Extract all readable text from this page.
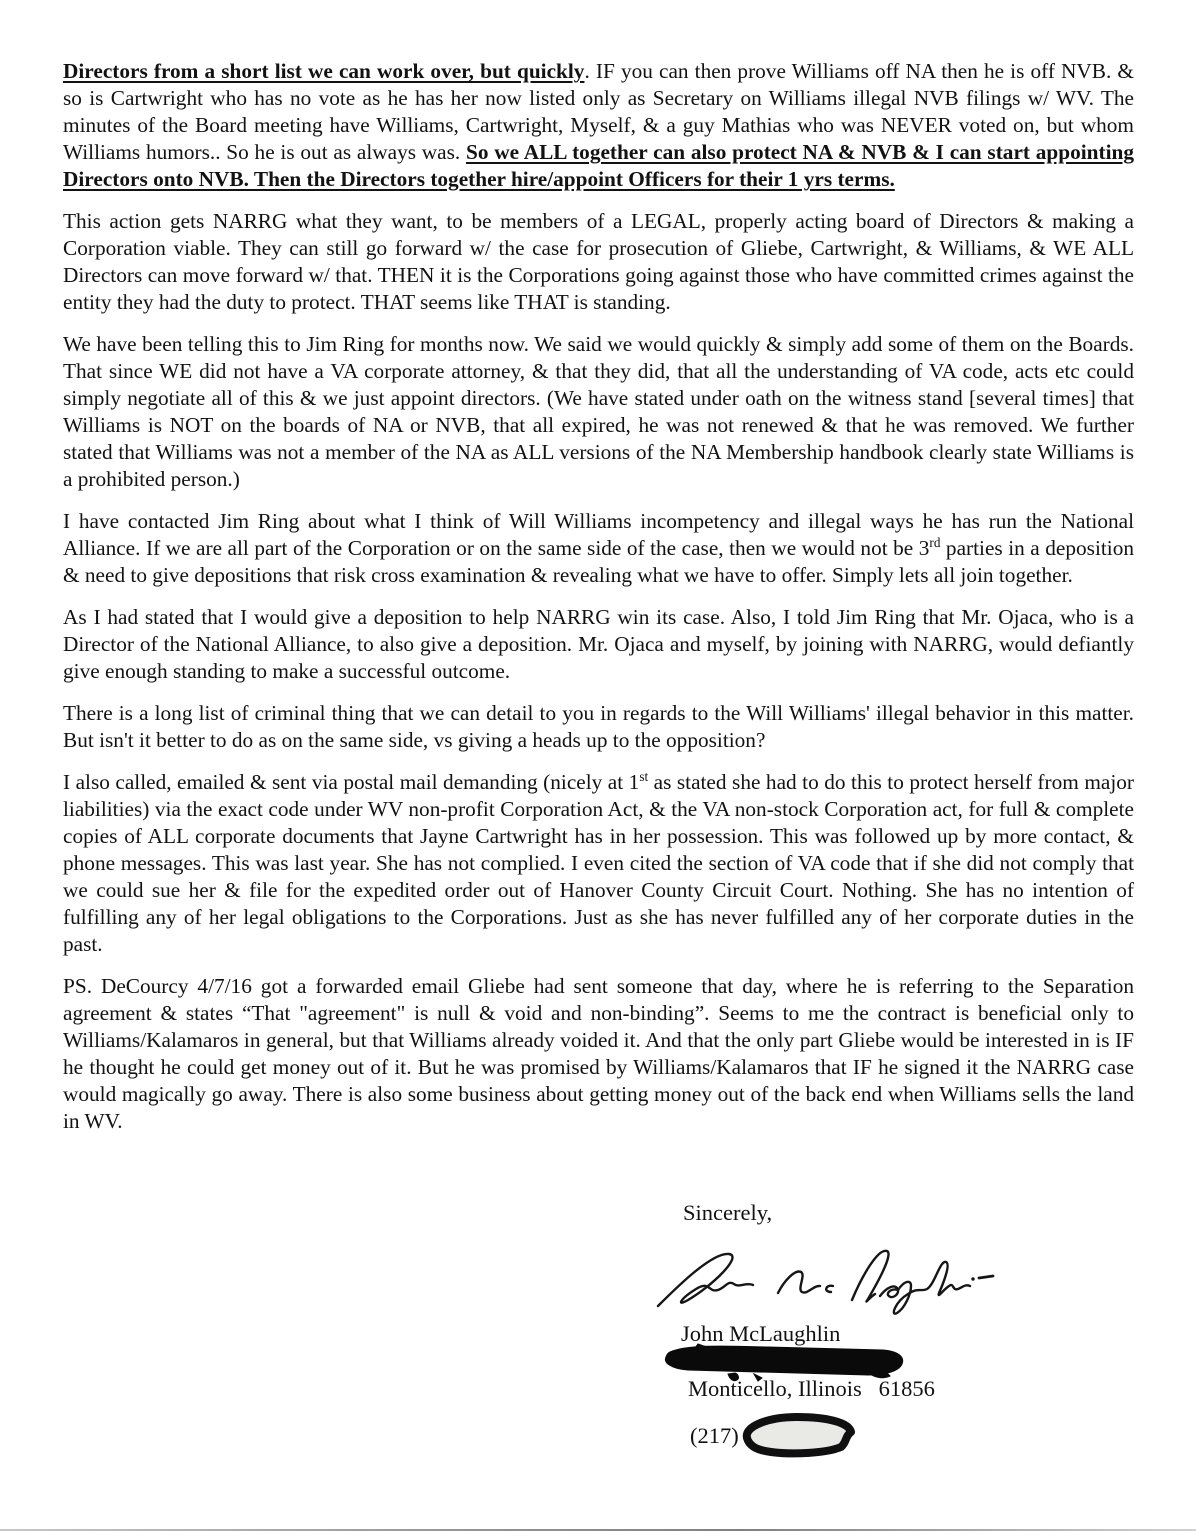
Directors from a short list we can work over, but quickly. IF you can then prove Williams off NA then he is off NVB. & so is Cartwright who has no vote as he has her now listed only as Secretary on Williams illegal NVB filings w/ WV. The minutes of the Board meeting have Williams, Cartwright, Myself, & a guy Mathias who was NEVER voted on, but whom Williams humors.. So he is out as always was. So we ALL together can also protect NA & NVB & I can start appointing Directors onto NVB. Then the Directors together hire/appoint Officers for their 1 yrs terms.

This action gets NARRG what they want, to be members of a LEGAL, properly acting board of Directors & making a Corporation viable. They can still go forward w/ the case for prosecution of Gliebe, Cartwright, & Williams, & WE ALL Directors can move forward w/ that. THEN it is the Corporations going against those who have committed crimes against the entity they had the duty to protect. THAT seems like THAT is standing.

We have been telling this to Jim Ring for months now. We said we would quickly & simply add some of them on the Boards. That since WE did not have a VA corporate attorney, & that they did, that all the understanding of VA code, acts etc could simply negotiate all of this & we just appoint directors. (We have stated under oath on the witness stand [several times] that Williams is NOT on the boards of NA or NVB, that all expired, he was not renewed & that he was removed. We further stated that Williams was not a member of the NA as ALL versions of the NA Membership handbook clearly state Williams is a prohibited person.)

I have contacted Jim Ring about what I think of Will Williams incompetency and illegal ways he has run the National Alliance. If we are all part of the Corporation or on the same side of the case, then we would not be 3rd parties in a deposition & need to give depositions that risk cross examination & revealing what we have to offer. Simply lets all join together.

As I had stated that I would give a deposition to help NARRG win its case. Also, I told Jim Ring that Mr. Ojaca, who is a Director of the National Alliance, to also give a deposition. Mr. Ojaca and myself, by joining with NARRG, would defiantly give enough standing to make a successful outcome.

There is a long list of criminal thing that we can detail to you in regards to the Will Williams' illegal behavior in this matter. But isn't it better to do as on the same side, vs giving a heads up to the opposition?

I also called, emailed & sent via postal mail demanding (nicely at 1st as stated she had to do this to protect herself from major liabilities) via the exact code under WV non-profit Corporation Act, & the VA non-stock Corporation act, for full & complete copies of ALL corporate documents that Jayne Cartwright has in her possession. This was followed up by more contact, & phone messages. This was last year. She has not complied. I even cited the section of VA code that if she did not comply that we could sue her & file for the expedited order out of Hanover County Circuit Court. Nothing. She has no intention of fulfilling any of her legal obligations to the Corporations. Just as she has never fulfilled any of her corporate duties in the past.

PS. DeCourcy 4/7/16 got a forwarded email Gliebe had sent someone that day, where he is referring to the Separation agreement & states “That "agreement" is null & void and non-binding”. Seems to me the contract is beneficial only to Williams/Kalamaros in general, but that Williams already voided it. And that the only part Gliebe would be interested in is IF he thought he could get money out of it. But he was promised by Williams/Kalamaros that IF he signed it the NARRG case would magically go away. There is also some business about getting money out of the back end when Williams sells the land in WV.

Sincerely,
John McLaughlin
Monticello, Illinois   61856
(217)
